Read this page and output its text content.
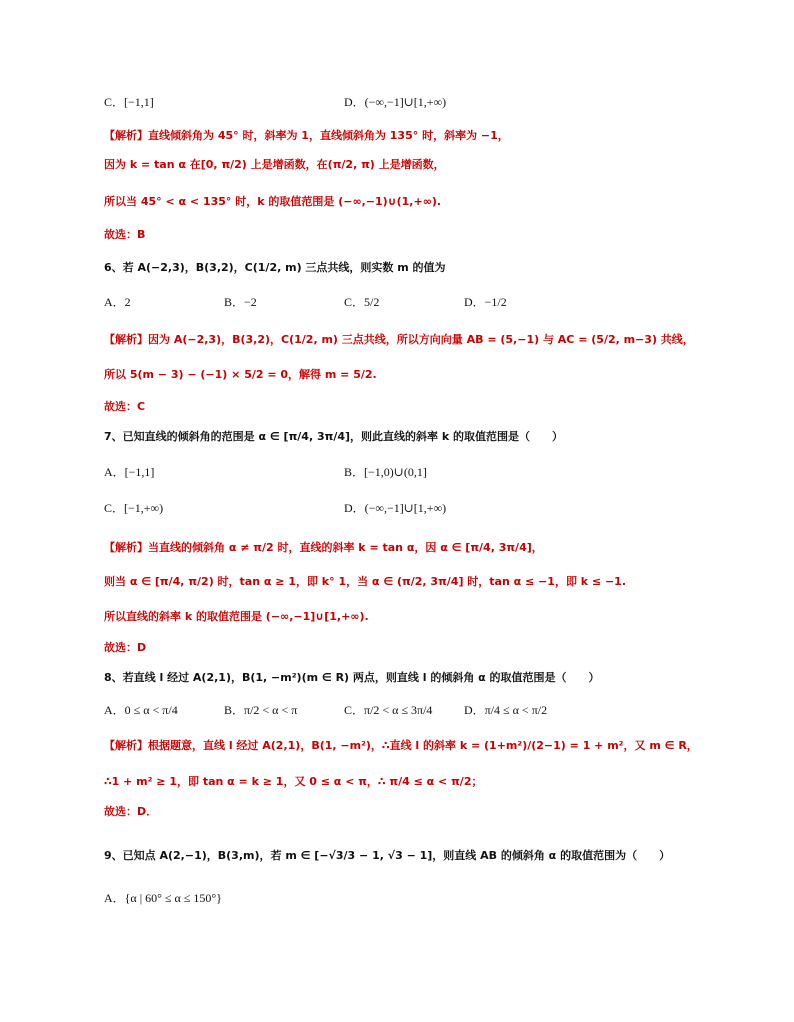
C．[−1,1]	D．(−∞,−1]∪[1,+∞)
【解析】直线倾斜角为 45° 时，斜率为 1，直线倾斜角为 135° 时，斜率为 −1，
因为 k = tan α 在[0, π/2) 上是增函数，在(π/2, π) 上是增函数，
所以当 45° < α < 135° 时，k 的取值范围是 (−∞,−1)∪(1,+∞).
故选：B
6、若 A(−2,3)，B(3,2)，C(1/2, m) 三点共线，则实数 m 的值为
A．2	B．−2	C．5/2	D．−1/2
【解析】因为 A(−2,3)，B(3,2)，C(1/2, m) 三点共线，所以方向向量 AB = (5,−1) 与 AC = (5/2, m−3) 共线，
所以 5(m − 3) − (−1) × 5/2 = 0，解得 m = 5/2.
故选：C
7、已知直线的倾斜角的范围是 α ∈ [π/4, 3π/4]，则此直线的斜率 k 的取值范围是（　　）
A．[−1,1]	B．[−1,0)∪(0,1]
C．[−1,+∞)	D．(−∞,−1]∪[1,+∞)
【解析】当直线的倾斜角 α ≠ π/2 时，直线的斜率 k = tan α，因 α ∈ [π/4, 3π/4]，
则当 α ∈ [π/4, π/2) 时，tan α ≥ 1，即 k° 1，当 α ∈ (π/2, 3π/4] 时，tan α ≤ −1，即 k ≤ −1.
所以直线的斜率 k 的取值范围是 (−∞,−1]∪[1,+∞).
故选：D
8、若直线 l 经过 A(2,1)，B(1, −m²)(m ∈ R) 两点，则直线 l 的倾斜角 α 的取值范围是（　　）
A．0 ≤ α < π/4	B．π/2 < α < π	C．π/2 < α ≤ 3π/4	D．π/4 ≤ α < π/2
【解析】根据题意，直线 l 经过 A(2,1)，B(1, −m²)，∴直线 l 的斜率 k = (1+m²)/(2−1) = 1 + m²，又 m ∈ R，
∴1 + m² ≥ 1，即 tan α = k ≥ 1，又 0 ≤ α < π，∴ π/4 ≤ α < π/2；
故选：D．
9、已知点 A(2,−1)，B(3,m)，若 m ∈ [−√3/3 − 1, √3 − 1]，则直线 AB 的倾斜角 α 的取值范围为（　　）
A．{α | 60° ≤ α ≤ 150°}
